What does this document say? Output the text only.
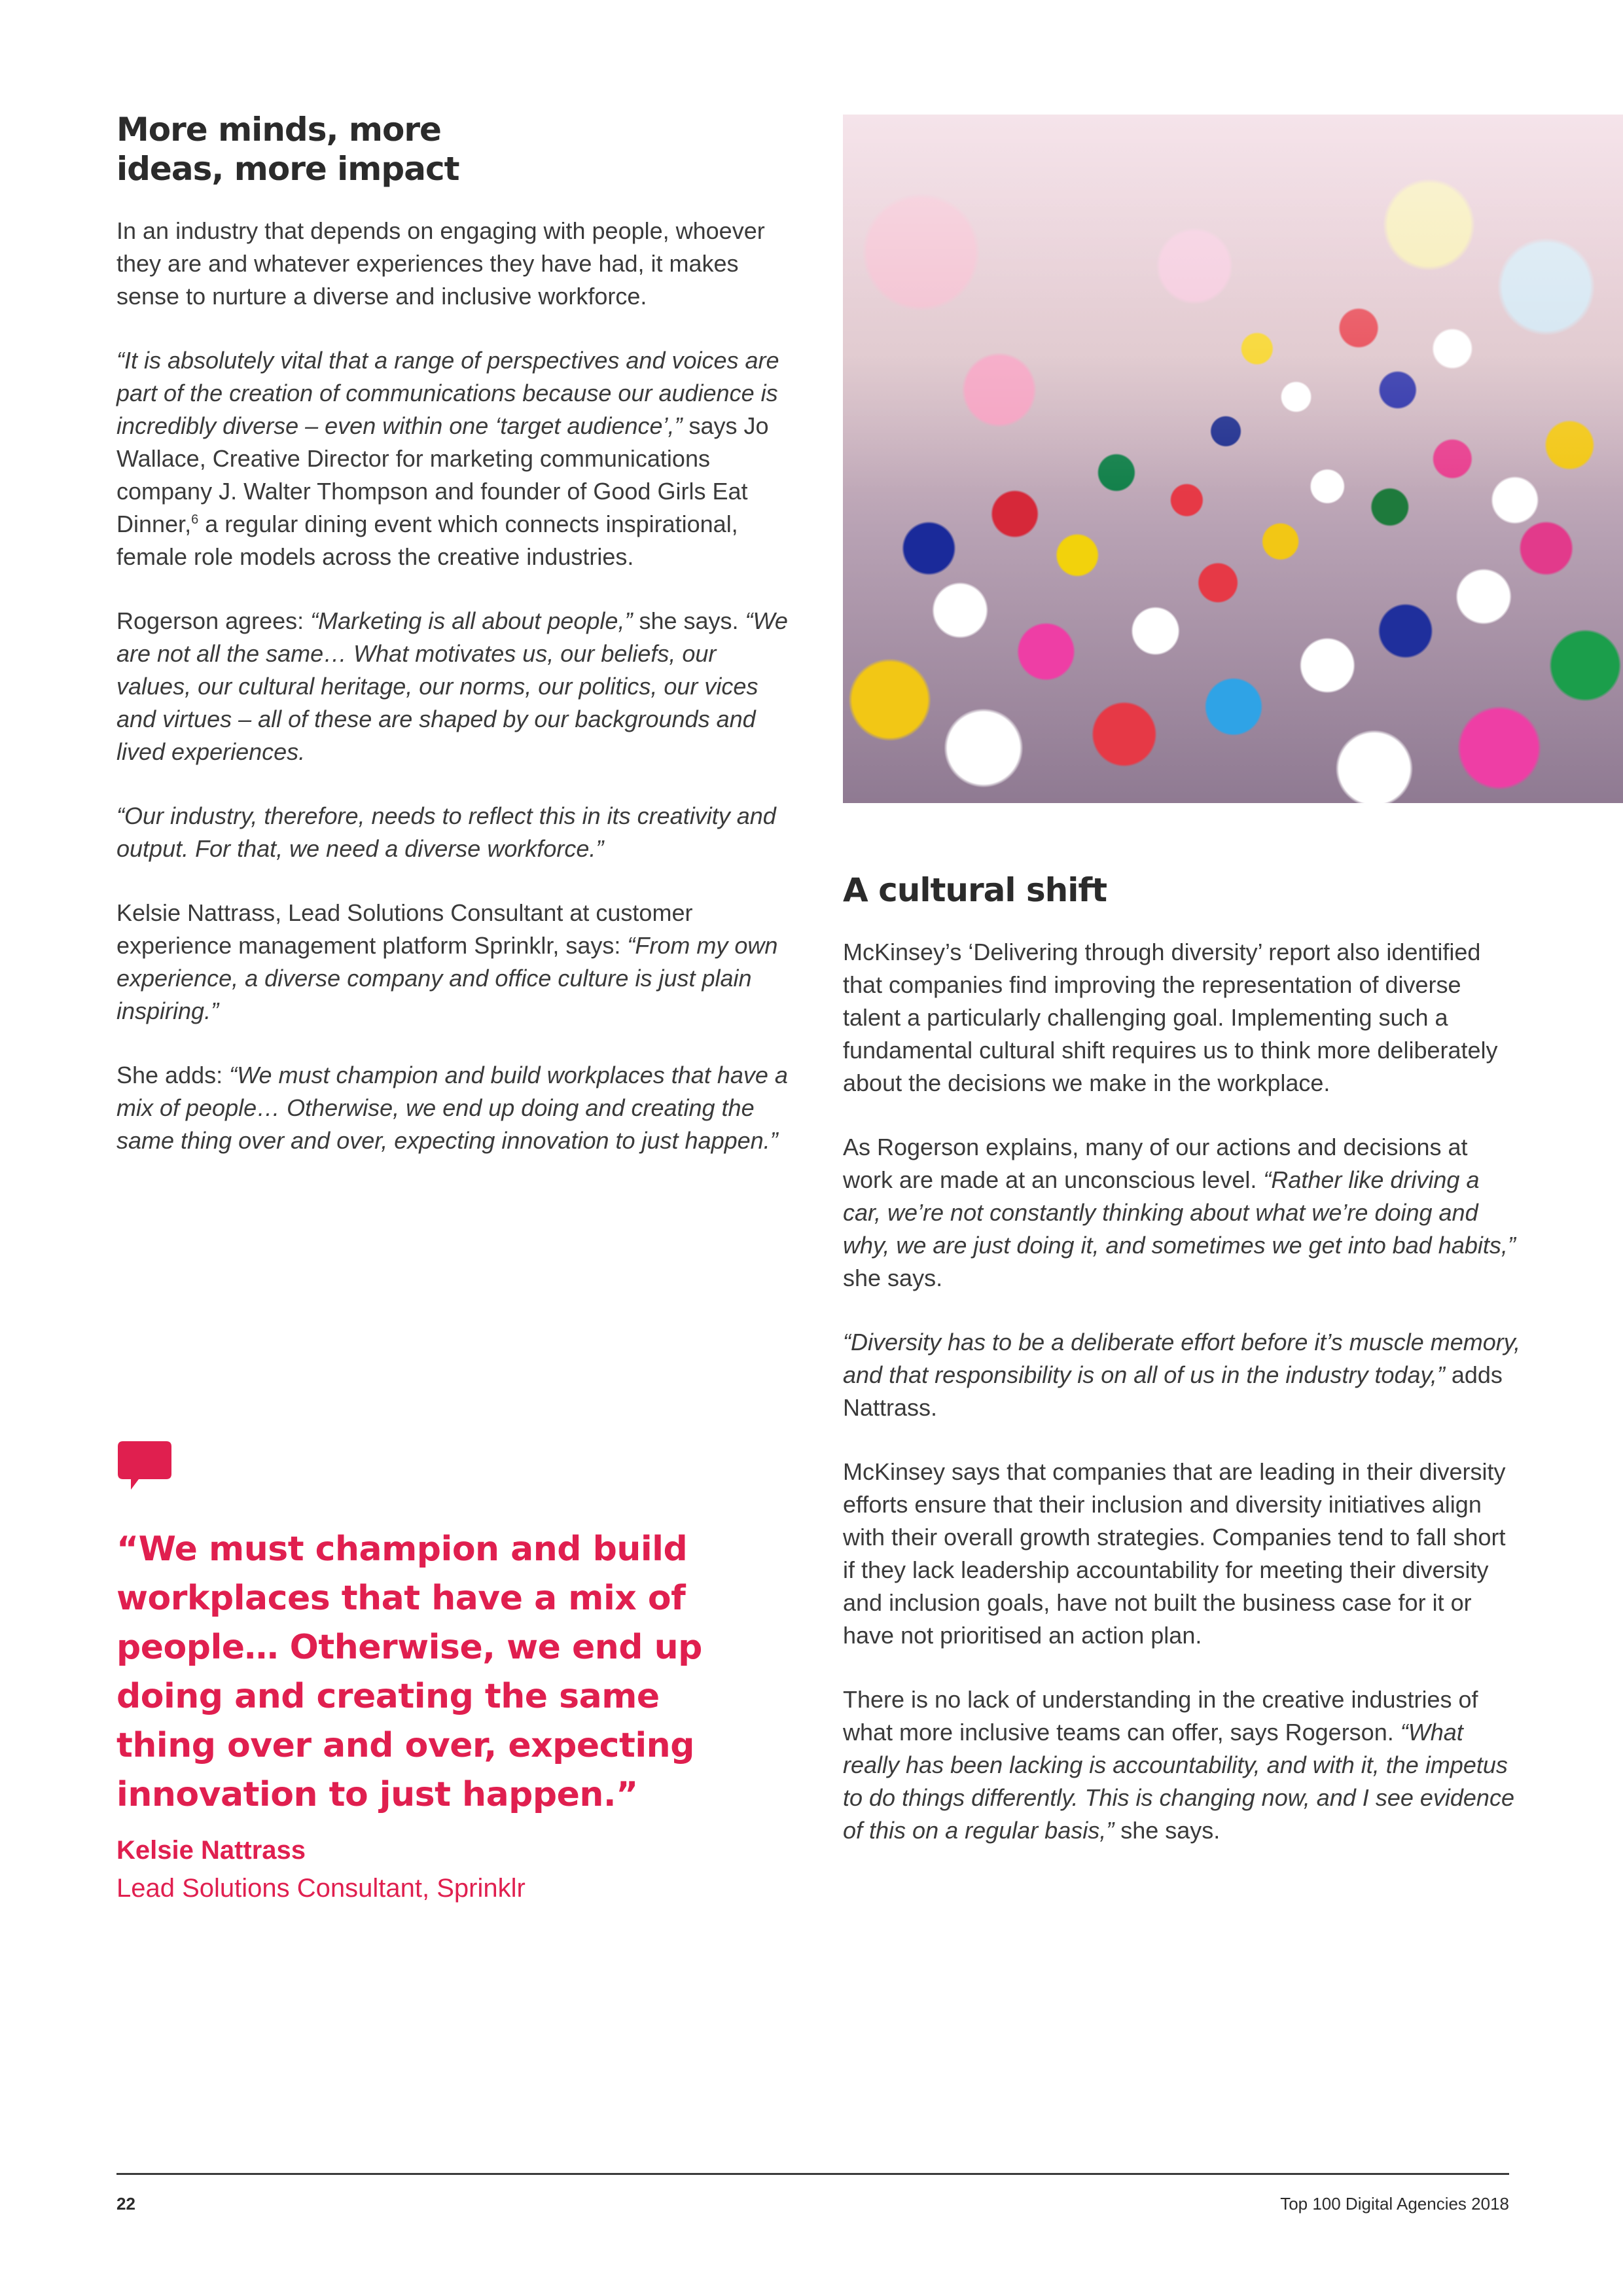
More minds, more ideas, more impact

In an industry that depends on engaging with people, whoever they are and whatever experiences they have had, it makes sense to nurture a diverse and inclusive workforce.

“It is absolutely vital that a range of perspectives and voices are part of the creation of communications because our audience is incredibly diverse – even within one ‘target audience’,” says Jo Wallace, Creative Director for marketing communications company J. Walter Thompson and founder of Good Girls Eat Dinner,$^6$ a regular dining event which connects inspirational, female role models across the creative industries.

Rogerson agrees: “Marketing is all about people,” she says. “We are not all the same… What motivates us, our beliefs, our values, our cultural heritage, our norms, our politics, our vices and virtues – all of these are shaped by our backgrounds and lived experiences.

“Our industry, therefore, needs to reflect this in its creativity and output. For that, we need a diverse workforce.”

Kelsie Nattrass, Lead Solutions Consultant at customer experience management platform Sprinklr, says: “From my own experience, a diverse company and office culture is just plain inspiring.”

She adds: “We must champion and build workplaces that have a mix of people… Otherwise, we end up doing and creating the same thing over and over, expecting innovation to just happen.”

“We must champion and build workplaces that have a mix of people… Otherwise, we end up doing and creating the same thing over and over, expecting innovation to just happen.”

Kelsie Nattrass
Lead Solutions Consultant, Sprinklr
A cultural shift

McKinsey’s ‘Delivering through diversity’ report also identified that companies find improving the representation of diverse talent a particularly challenging goal. Implementing such a fundamental cultural shift requires us to think more deliberately about the decisions we make in the workplace.

As Rogerson explains, many of our actions and decisions at work are made at an unconscious level. “Rather like driving a car, we’re not constantly thinking about what we’re doing and why, we are just doing it, and sometimes we get into bad habits,” she says.

“Diversity has to be a deliberate effort before it’s muscle memory, and that responsibility is on all of us in the industry today,” adds Nattrass.

McKinsey says that companies that are leading in their diversity efforts ensure that their inclusion and diversity initiatives align with their overall growth strategies. Companies tend to fall short if they lack leadership accountability for meeting their diversity and inclusion goals, have not built the business case for it or have not prioritised an action plan.

There is no lack of understanding in the creative industries of what more inclusive teams can offer, says Rogerson. “What really has been lacking is accountability, and with it, the impetus to do things differently. This is changing now, and I see evidence of this on a regular basis,” she says.

22	Top 100 Digital Agencies 2018
